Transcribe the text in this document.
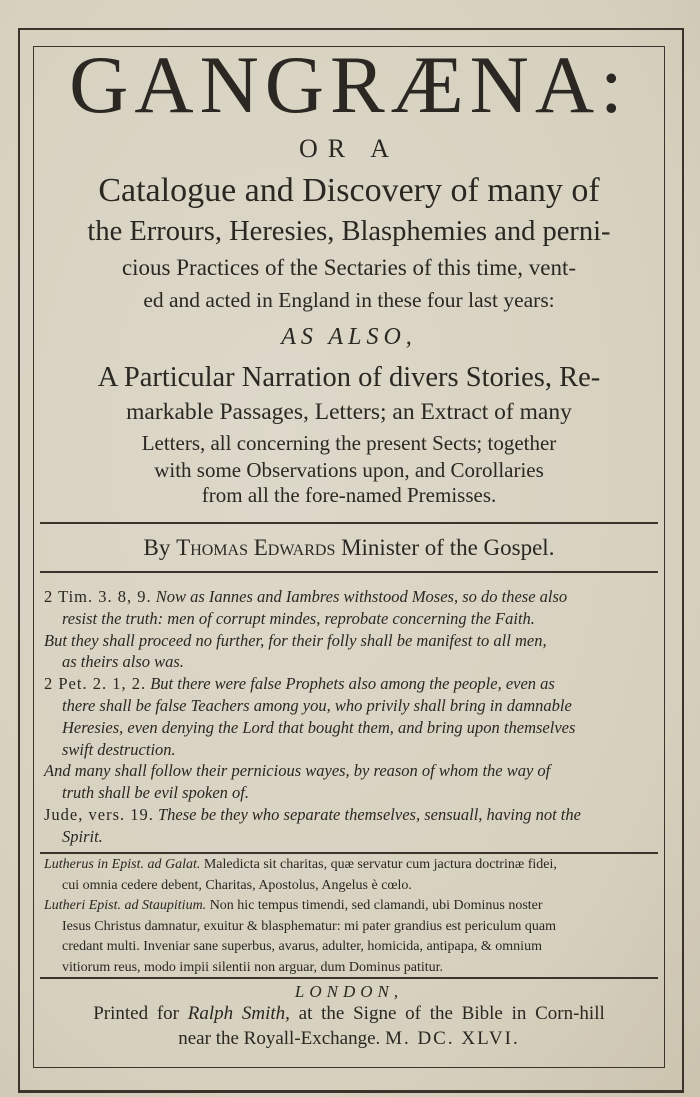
GANGRÆNA:
OR A
Catalogue and Discovery of many of
the Errours, Heresies, Blasphemies and perni-
cious Practices of the Sectaries of this time, vent-
ed and acted in England in these four last years:
AS ALSO,
A Particular Narration of divers Stories, Re-
markable Passages, Letters; an Extract of many
Letters, all concerning the present Sects; together
with some Observations upon, and Corollaries
from all the fore-named Premisses.
By Thomas Edwards Minister of the Gospel.
2 Tim. 3. 8, 9. Now as Iannes and Iambres withstood Moses, so do these also
resist the truth: men of corrupt mindes, reprobate concerning the Faith.
But they shall proceed no further, for their folly shall be manifest to all men,
as theirs also was.
2 Pet. 2. 1, 2. But there were false Prophets also among the people, even as
there shall be false Teachers among you, who privily shall bring in damnable
Heresies, even denying the Lord that bought them, and bring upon themselves
swift destruction.
And many shall follow their pernicious wayes, by reason of whom the way of
truth shall be evil spoken of.
Jude, vers. 19. These be they who separate themselves, sensuall, having not the
Spirit.
Lutherus in Epist. ad Galat. Maledicta sit charitas, quæ servatur cum jactura doctrinæ fidei,
cui omnia cedere debent, Charitas, Apostolus, Angelus è cœlo.
Lutheri Epist. ad Staupitium. Non hic tempus timendi, sed clamandi, ubi Dominus noster
Iesus Christus damnatur, exuitur & blasphematur: mi pater grandius est periculum quam
credant multi. Inveniar sane superbus, avarus, adulter, homicida, antipapa, & omnium
vitiorum reus, modo impii silentii non arguar, dum Dominus patitur.
LONDON,
Printed for Ralph Smith, at the Signe of the Bible in Corn-hill
near the Royall-Exchange. M. DC. XLVI.
